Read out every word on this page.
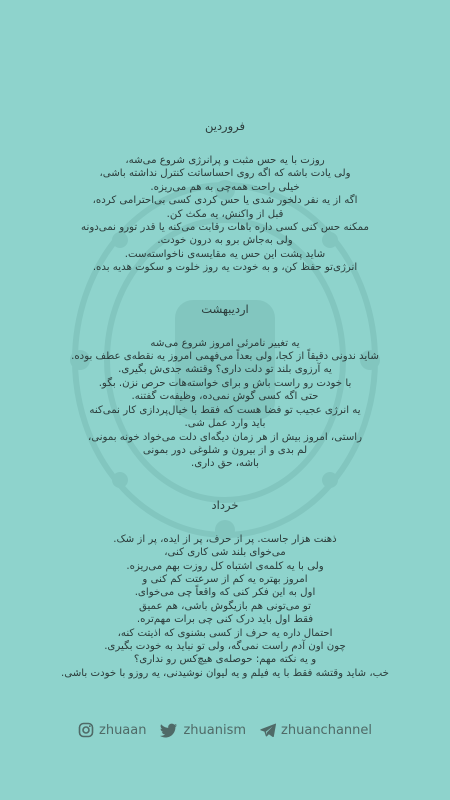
فروردین
روزت با یه حس مثبت و پرانرژی شروع می‌شه،
ولی یادت باشه که اگه روی احساساتت کنترل نداشته باشی،
خیلی راحت همه‌چی به هم می‌ریزه.
اگه از یه نفر دلخور شدی یا حس کردی کسی بی‌احترامی کرده،
قبل از واکنش، یه مکث کن.
ممکنه حس کنی کسی داره باهات رقابت می‌کنه یا قدر تورو نمی‌دونه
ولی به‌جاش برو به درون خودت.
شاید پشت این حس یه مقایسه‌ی ناخواسته‌ست.
انرژی‌تو حفظ کن، و به خودت یه روز خلوت و سکوت هدیه بده.
اردیبهشت
یه تغییر نامرئی امروز شروع می‌شه
شاید ندونی دقیقاً از کجا، ولی بعداً می‌فهمی امروز یه نقطه‌ی عطف بوده.
یه آرزوی بلند تو دلت داری؟ وقتشه جدی‌ش بگیری.
با خودت رو راست باش و برای خواسته‌هات حرص نزن. بگو.
حتی اگه کسی گوش نمی‌ده، وظیفه‌ت گفتنه.
یه انرژی عجیب تو فضا هست که فقط با خیال‌پردازی کار نمی‌کنه
باید وارد عمل شی.
راستی، امروز بیش از هر زمان دیگه‌ای دلت می‌خواد خونه بمونی،
لم بدی و از بیرون و شلوغی دور بمونی
باشه، حق داری.
خرداد
ذهنت هزار جاست. پر از حرف، پر از ایده، پر از شک.
می‌خوای بلند شی کاری کنی،
ولی با یه کلمه‌ی اشتباه کل روزت بهم می‌ریزه.
امروز بهتره یه کم از سرعتت کم کنی و
اول به این فکر کنی که واقعاً چی می‌خوای.
تو می‌تونی هم بازیگوش باشی، هم عمیق
فقط اول باید درک کنی چی برات مهم‌تره.
احتمال داره یه حرف از کسی بشنوی که اذیتت کنه،
چون اون آدم راست نمی‌گه، ولی تو نباید به خودت بگیری.
و یه نکته مهم: حوصله‌ی هیچ‌کس رو نداری؟
خب، شاید وقتشه فقط با یه فیلم و یه لیوان نوشیدنی، یه روزو با خودت باشی.
zhuaan	zhuanism	zhuanchannel
